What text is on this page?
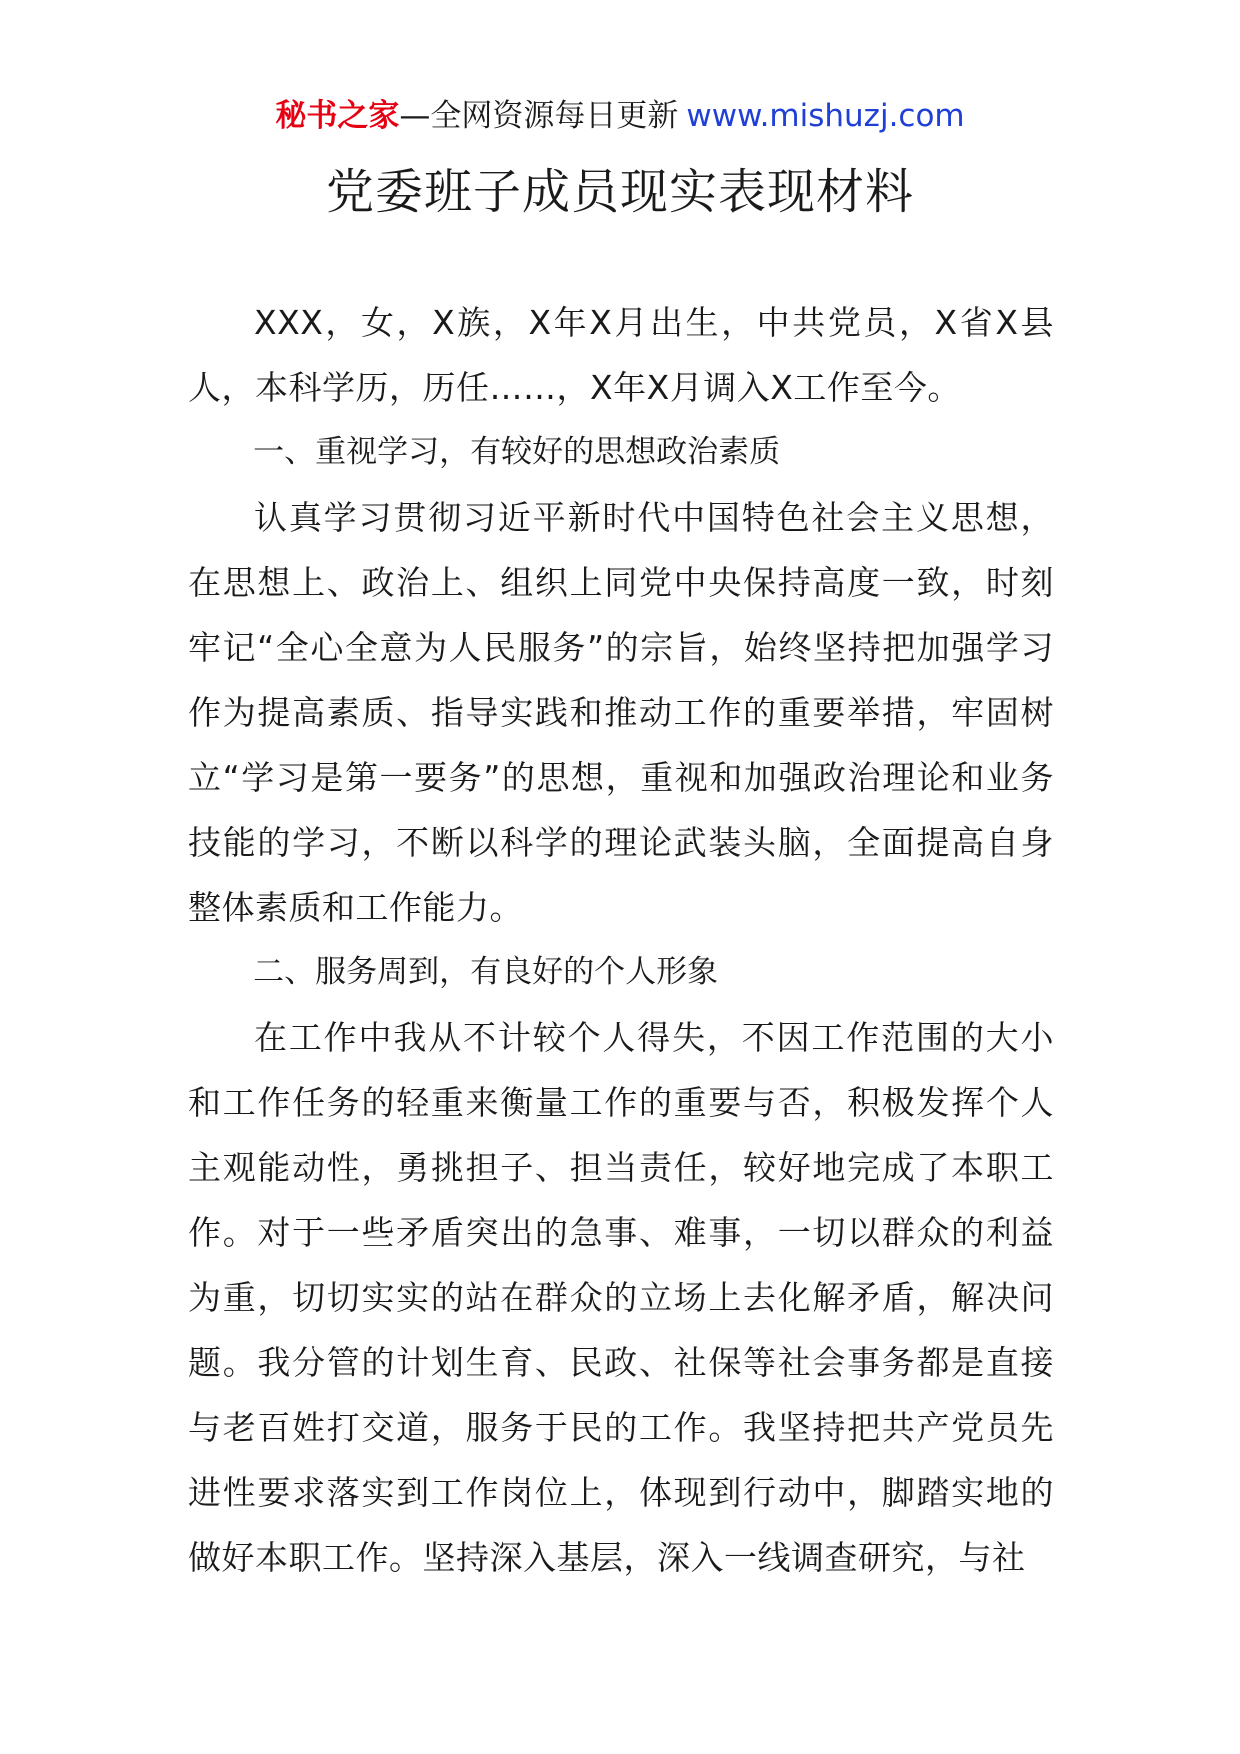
秘书之家—全网资源每日更新 www.mishuzj.com
党委班子成员现实表现材料

XXX，女，X族，X年X月出生，中共党员，X省X县人，本科学历，历任……，X年X月调入X工作至今。

一、重视学习，有较好的思想政治素质

认真学习贯彻习近平新时代中国特色社会主义思想，在思想上、政治上、组织上同党中央保持高度一致，时刻牢记“全心全意为人民服务”的宗旨，始终坚持把加强学习作为提高素质、指导实践和推动工作的重要举措，牢固树立“学习是第一要务”的思想，重视和加强政治理论和业务技能的学习，不断以科学的理论武装头脑，全面提高自身整体素质和工作能力。

二、服务周到，有良好的个人形象

在工作中我从不计较个人得失，不因工作范围的大小和工作任务的轻重来衡量工作的重要与否，积极发挥个人主观能动性，勇挑担子、担当责任，较好地完成了本职工作。对于一些矛盾突出的急事、难事，一切以群众的利益为重，切切实实的站在群众的立场上去化解矛盾，解决问题。我分管的计划生育、民政、社保等社会事务都是直接与老百姓打交道，服务于民的工作。我坚持把共产党员先进性要求落实到工作岗位上，体现到行动中，脚踏实地的做好本职工作。坚持深入基层，深入一线调查研究，与社
